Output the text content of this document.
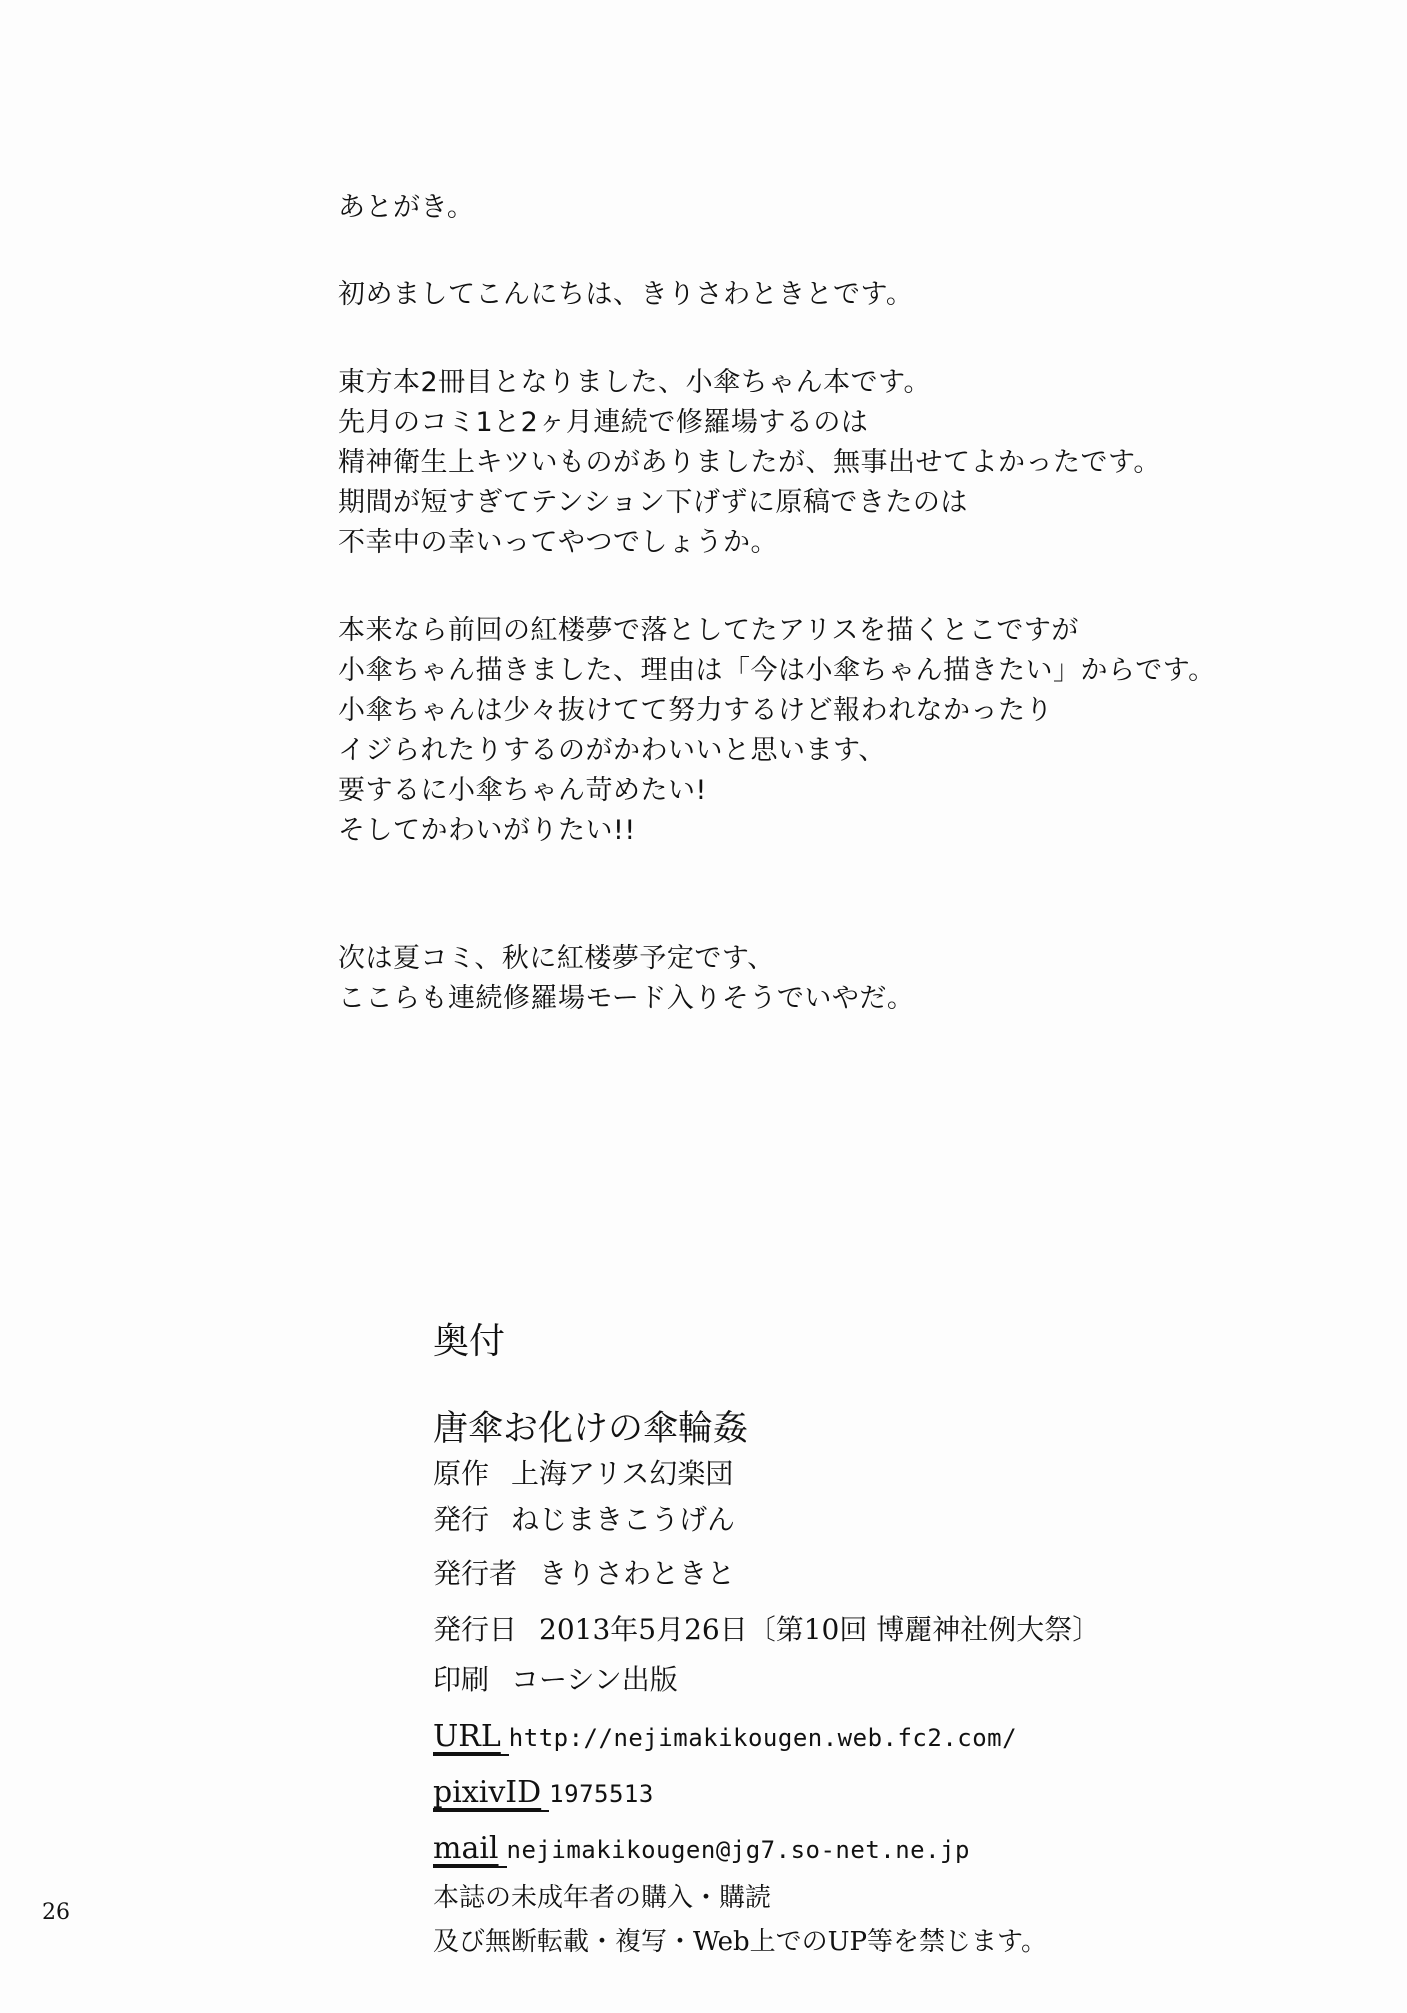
あとがき。
初めましてこんにちは、きりさわときとです。
東方本2冊目となりました、小傘ちゃん本です。
先月のコミ1と2ヶ月連続で修羅場するのは
精神衛生上キツいものがありましたが、無事出せてよかったです。
期間が短すぎてテンション下げずに原稿できたのは
不幸中の幸いってやつでしょうか。
本来なら前回の紅楼夢で落としてたアリスを描くとこですが
小傘ちゃん描きました、理由は「今は小傘ちゃん描きたい」からです。
小傘ちゃんは少々抜けてて努力するけど報われなかったり
イジられたりするのがかわいいと思います、
要するに小傘ちゃん苛めたい!
そしてかわいがりたい!!
次は夏コミ、秋に紅楼夢予定です、
ここらも連続修羅場モード入りそうでいやだ。
奥付
唐傘お化けの傘輪姦
原作 上海アリス幻楽団
発行 ねじまきこうげん
発行者 きりさわときと
発行日 2013年5月26日〔第10回 博麗神社例大祭〕
印刷 コーシン出版
URL http://nejimakikougen.web.fc2.com/
pixivID 1975513
mail nejimakikougen@jg7.so-net.ne.jp
本誌の未成年者の購入・購読
及び無断転載・複写・Web上でのUP等を禁じます。
26
